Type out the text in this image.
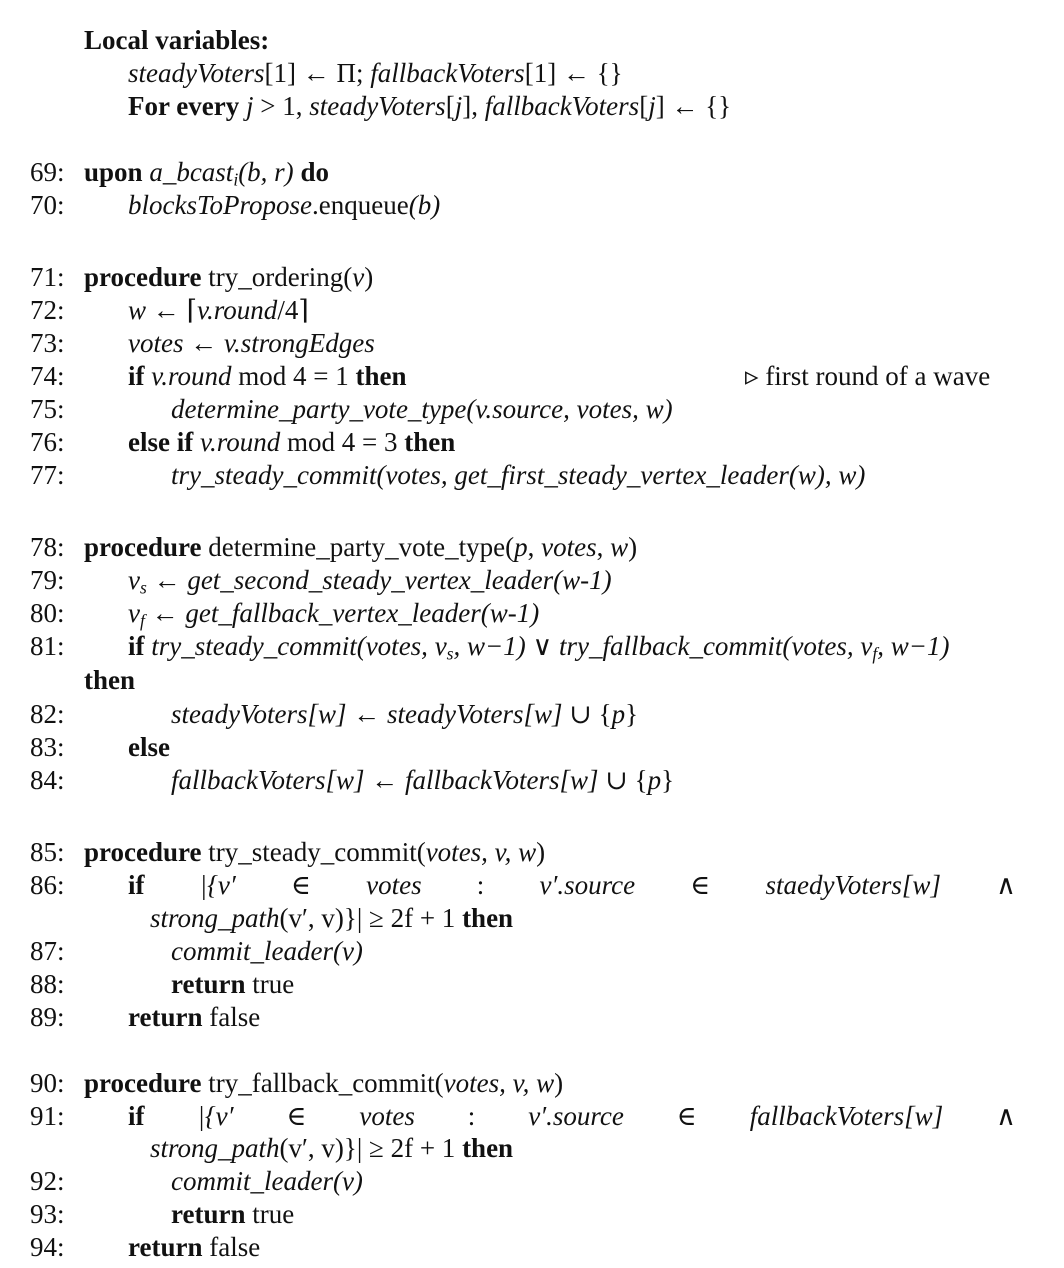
Local variables:
steadyVoters[1] ← Π; fallbackVoters[1] ← {}
For every j > 1, steadyVoters[j], fallbackVoters[j] ← {}
69: upon a_bcast$_i$(b, r) do
70:	blocksToPropose.enqueue(b)
71: procedure try_ordering(v)
72:	w ← ⌈v.round/4⌉
73:	votes ← v.strongEdges
74:	if v.round mod 4 = 1 then	▹ first round of a wave
75:	determine_party_vote_type(v.source, votes, w)
76:	else if v.round mod 4 = 3 then
77:	try_steady_commit(votes, get_first_steady_vertex_leader(w), w)
78: procedure determine_party_vote_type(p, votes, w)
79:	$v_s$ ← get_second_steady_vertex_leader(w-1)
80:	$v_f$ ← get_fallback_vertex_leader(w-1)
81:	if try_steady_commit(votes, $v_s$, w−1) ∨ try_fallback_commit(votes, $v_f$, w−1)
then
82:	steadyVoters[w] ← steadyVoters[w] ∪ {p}
83:	else
84:	fallbackVoters[w] ← fallbackVoters[w] ∪ {p}
85: procedure try_steady_commit(votes, v, w)
86:	if |{v′ ∈ votes : v′.source ∈ staedyVoters[w] ∧
strong_path(v′, v)}| ≥ 2f + 1 then
87:	commit_leader(v)
88:	return true
89:	return false
90: procedure try_fallback_commit(votes, v, w)
91:	if |{v′ ∈ votes : v′.source ∈ fallbackVoters[w] ∧
strong_path(v′, v)}| ≥ 2f + 1 then
92:	commit_leader(v)
93:	return true
94:	return false
